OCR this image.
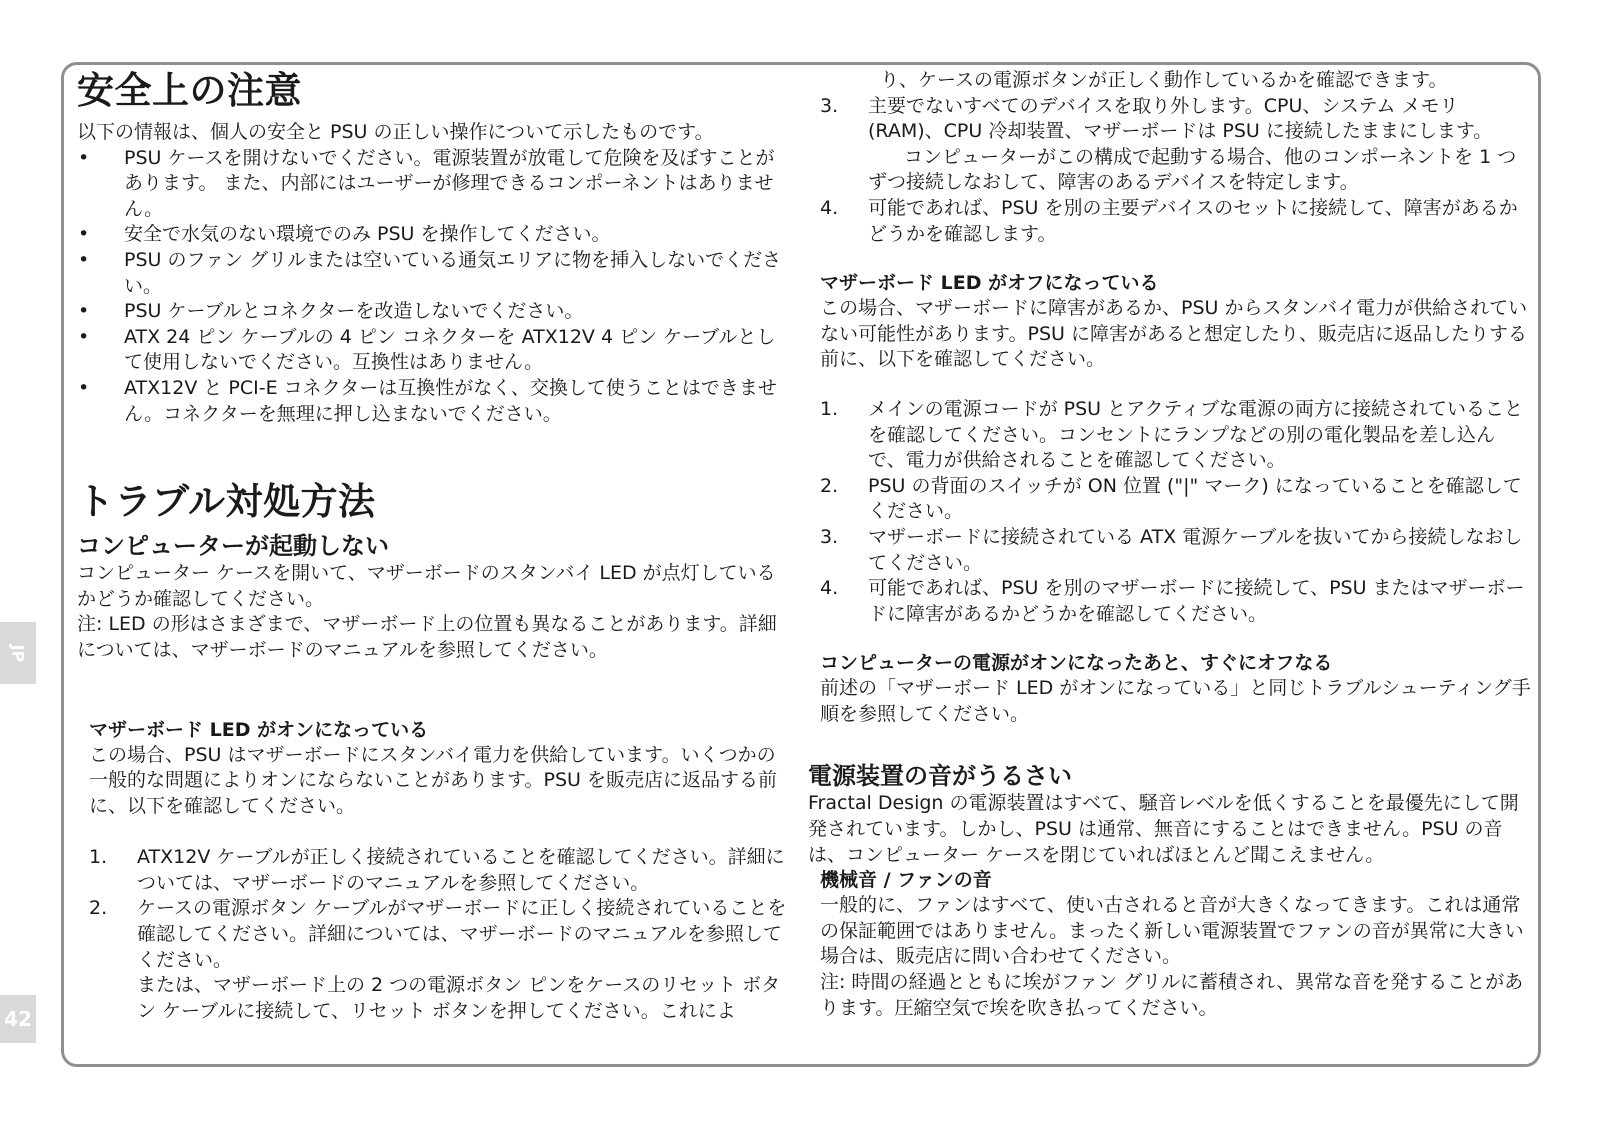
JP
42
安全上の注意

以下の情報は、個人の安全と PSU の正しい操作について示したものです。

• PSU ケースを開けないでください。電源装置が放電して危険を及ぼすことがあります。 また、内部にはユーザーが修理できるコンポーネントはありません。
• 安全で水気のない環境でのみ PSU を操作してください。
• PSU のファン グリルまたは空いている通気エリアに物を挿入しないでください。
• PSU ケーブルとコネクターを改造しないでください。
• ATX 24 ピン ケーブルの 4 ピン コネクターを ATX12V 4 ピン ケーブルとして使用しないでください。互換性はありません。
• ATX12V と PCI-E コネクターは互換性がなく、交換して使うことはできません。コネクターを無理に押し込まないでください。
トラブル対処方法
コンピューターが起動しない

コンピューター ケースを開いて、マザーボードのスタンバイ LED が点灯しているかどうか確認してください。

注: LED の形はさまざまで、マザーボード上の位置も異なることがあります。詳細については、マザーボードのマニュアルを参照してください。

マザーボード LED がオンになっている

この場合、PSU はマザーボードにスタンバイ電力を供給しています。いくつかの一般的な問題によりオンにならないことがあります。PSU を販売店に返品する前に、以下を確認してください。

1.	ATX12V ケーブルが正しく接続されていることを確認してください。詳細については、マザーボードのマニュアルを参照してください。
2.	ケースの電源ボタン ケーブルがマザーボードに正しく接続されていることを確認してください。詳細については、マザーボードのマニュアルを参照してください。
または、マザーボード上の 2 つの電源ボタン ピンをケースのリセット ボタン ケーブルに接続して、リセット ボタンを押してください。これによ

り、ケースの電源ボタンが正しく動作しているかを確認できます。

3.	主要でないすべてのデバイスを取り外します。CPU、システム メモリ (RAM)、CPU 冷却装置、マザーボードは PSU に接続したままにします。
コンピューターがこの構成で起動する場合、他のコンポーネントを 1 つずつ接続しなおして、障害のあるデバイスを特定します。
4.	可能であれば、PSU を別の主要デバイスのセットに接続して、障害があるかどうかを確認します。
マザーボード LED がオフになっている

この場合、マザーボードに障害があるか、PSU からスタンバイ電力が供給されていない可能性があります。PSU に障害があると想定したり、販売店に返品したりする前に、以下を確認してください。

1.	メインの電源コードが PSU とアクティブな電源の両方に接続されていることを確認してください。コンセントにランプなどの別の電化製品を差し込んで、電力が供給されることを確認してください。
2.	PSU の背面のスイッチが ON 位置 ("|" マーク) になっていることを確認してください。
3.	マザーボードに接続されている ATX 電源ケーブルを抜いてから接続しなおしてください。
4.	可能であれば、PSU を別のマザーボードに接続して、PSU またはマザーボードに障害があるかどうかを確認してください。
コンピューターの電源がオンになったあと、すぐにオフなる

前述の「マザーボード LED がオンになっている」と同じトラブルシューティング手順を参照してください。

電源装置の音がうるさい

Fractal Design の電源装置はすべて、騒音レベルを低くすることを最優先にして開発されています。しかし、PSU は通常、無音にすることはできません。PSU の音は、コンピューター ケースを閉じていればほとんど聞こえません。

機械音 / ファンの音

一般的に、ファンはすべて、使い古されると音が大きくなってきます。これは通常の保証範囲ではありません。まったく新しい電源装置でファンの音が異常に大きい場合は、販売店に問い合わせてください。

注: 時間の経過とともに埃がファン グリルに蓄積され、異常な音を発することがあります。圧縮空気で埃を吹き払ってください。
